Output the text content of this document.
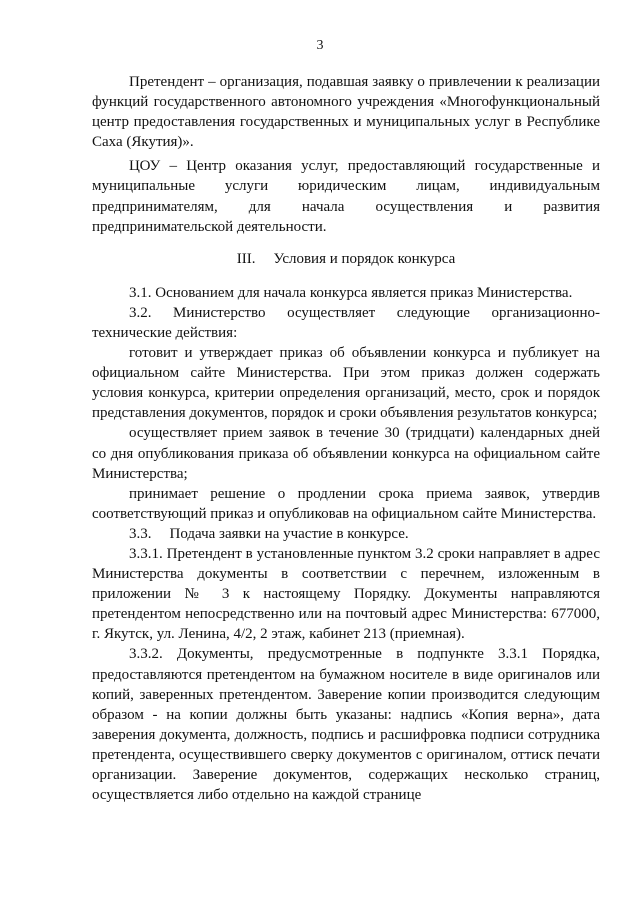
3

Претендент – организация, подавшая заявку о привлечении к реализации функций государственного автономного учреждения «Многофункциональный центр предоставления государственных и муниципальных услуг в Республике Саха (Якутия)».

ЦОУ – Центр оказания услуг, предоставляющий государственные и муниципальные услуги юридическим лицам, индивидуальным предпринимателям, для начала осуществления и развития предпринимательской деятельности.

III. Условия и порядок конкурса

3.1. Основанием для начала конкурса является приказ Министерства.

3.2. Министерство осуществляет следующие организационно-технические действия:

готовит и утверждает приказ об объявлении конкурса и публикует на официальном сайте Министерства. При этом приказ должен содержать условия конкурса, критерии определения организаций, место, срок и порядок представления документов, порядок и сроки объявления результатов конкурса;

осуществляет прием заявок в течение 30 (тридцати) календарных дней со дня опубликования приказа об объявлении конкурса на официальном сайте Министерства;

принимает решение о продлении срока приема заявок, утвердив соответствующий приказ и опубликовав на официальном сайте Министерства.

3.3. Подача заявки на участие в конкурсе.

3.3.1. Претендент в установленные пунктом 3.2 сроки направляет в адрес Министерства документы в соответствии с перечнем, изложенным в приложении № 3 к настоящему Порядку. Документы направляются претендентом непосредственно или на почтовый адрес Министерства: 677000, г. Якутск, ул. Ленина, 4/2, 2 этаж, кабинет 213 (приемная).

3.3.2. Документы, предусмотренные в подпункте 3.3.1 Порядка, предоставляются претендентом на бумажном носителе в виде оригиналов или копий, заверенных претендентом. Заверение копии производится следующим образом - на копии должны быть указаны: надпись «Копия верна», дата заверения документа, должность, подпись и расшифровка подписи сотрудника претендента, осуществившего сверку документов с оригиналом, оттиск печати организации. Заверение документов, содержащих несколько страниц, осуществляется либо отдельно на каждой странице
